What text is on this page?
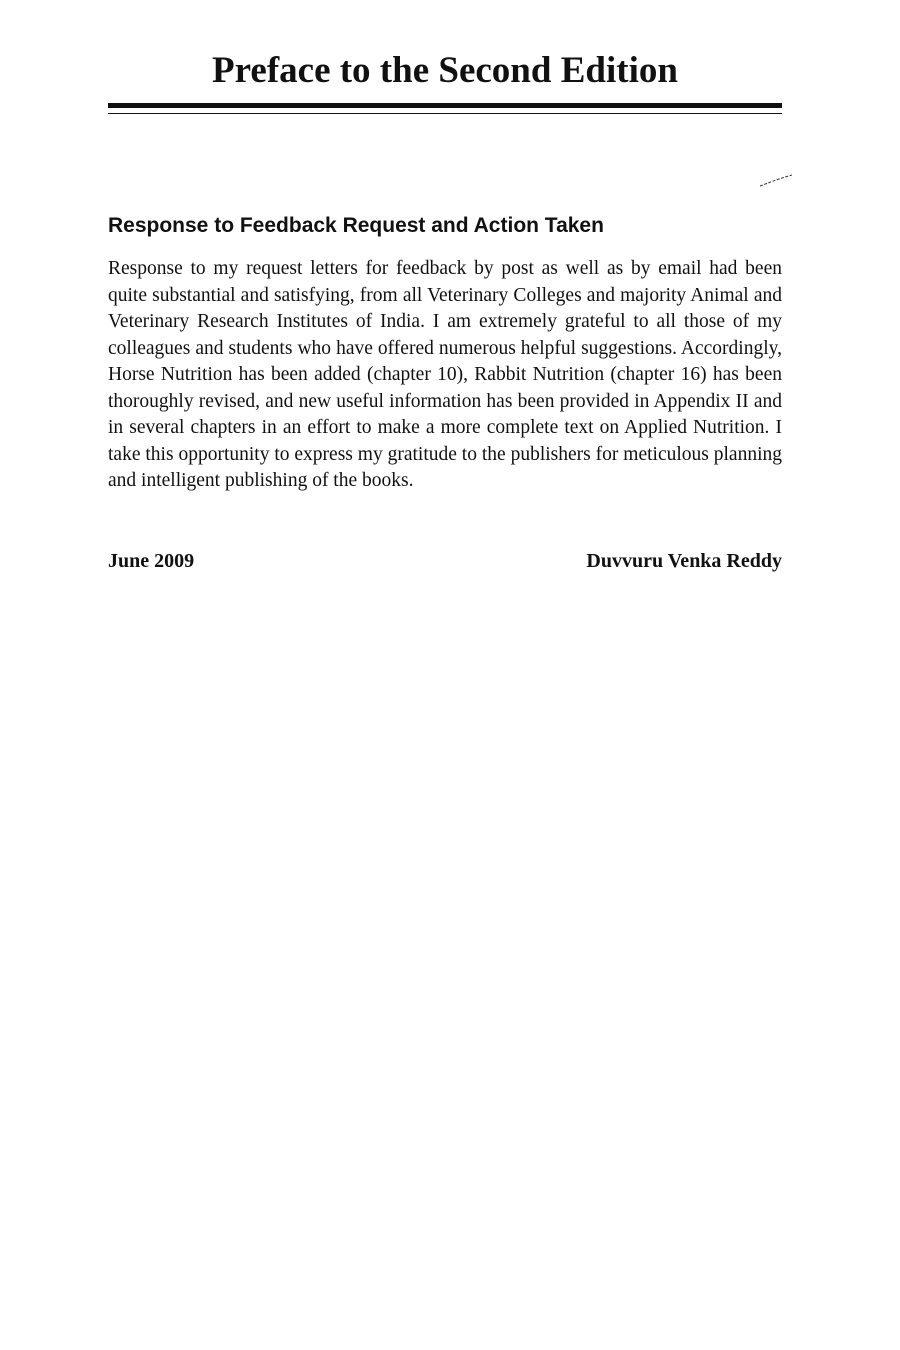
Preface to the Second Edition
Response to Feedback Request and Action Taken

Response to my request letters for feedback by post as well as by email had been quite substantial and satisfying, from all Veterinary Colleges and majority Animal and Veterinary Research Institutes of India. I am extremely grateful to all those of my colleagues and students who have offered numerous helpful suggestions. Accordingly, Horse Nutrition has been added (chapter 10), Rabbit Nutrition (chapter 16) has been thoroughly revised, and new useful information has been provided in Appendix II and in several chapters in an effort to make a more complete text on Applied Nutrition. I take this opportunity to express my gratitude to the publishers for meticulous planning and intelligent publishing of the books.

June 2009	Duvvuru Venka Reddy
